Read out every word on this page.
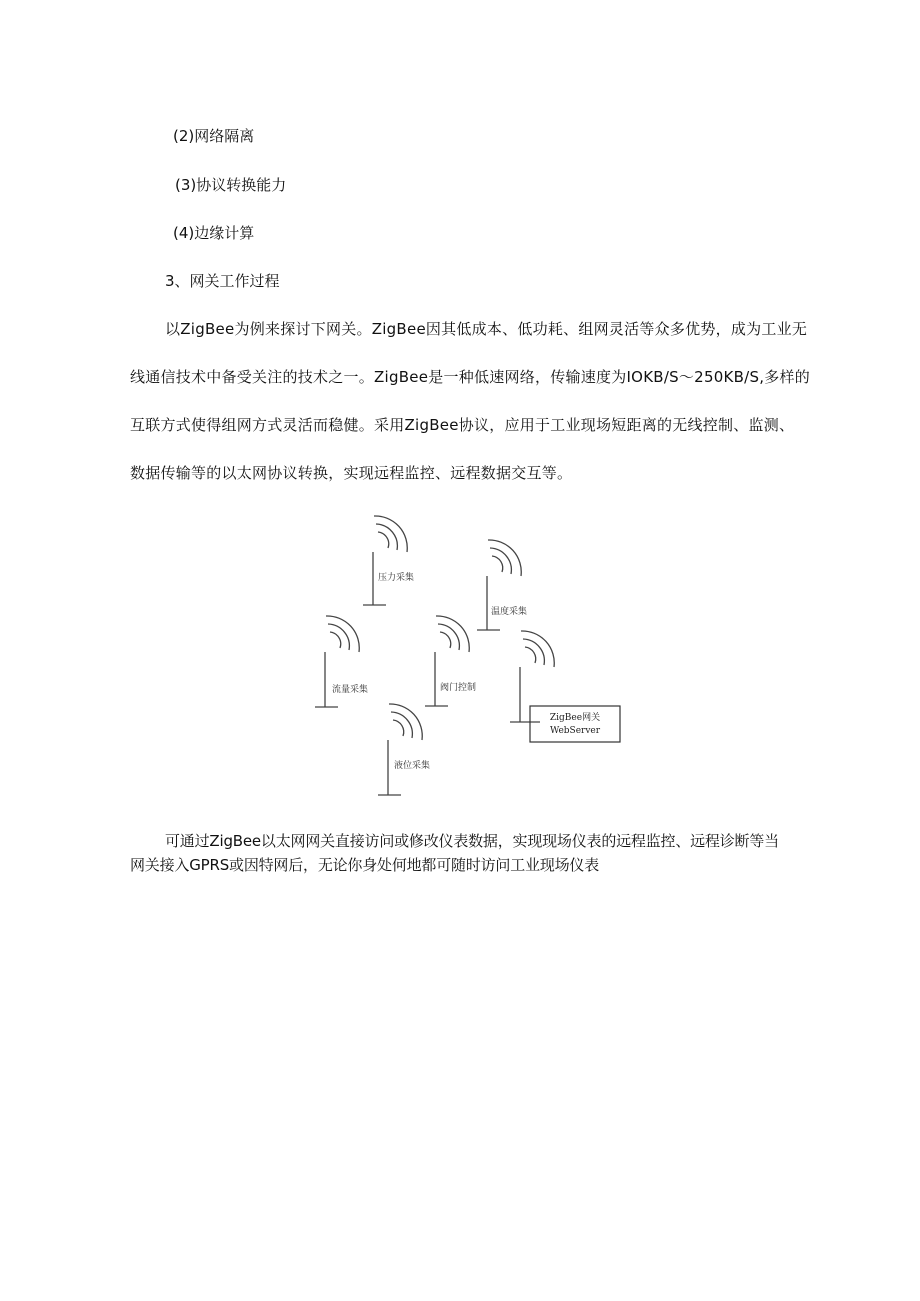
(2)网络隔离
(3)协议转换能力
(4)边缘计算
3、网关工作过程
以ZigBee为例来探讨下网关。ZigBee因其低成本、低功耗、组网灵活等众多优势，成为工业无
线通信技术中备受关注的技术之一。ZigBee是一种低速网络，传输速度为IOKB/S～250KB/S,多样的
互联方式使得组网方式灵活而稳健。采用ZigBee协议，应用于工业现场短距离的无线控制、监测、
数据传输等的以太网协议转换，实现远程监控、远程数据交互等。
压力采集
温度采集
流量采集	阀门控制
液位采集
ZigBee网关
WebServer
可通过ZigBee以太网网关直接访问或修改仪表数据，实现现场仪表的远程监控、远程诊断等当
网关接入GPRS或因特网后，无论你身处何地都可随时访问工业现场仪表
